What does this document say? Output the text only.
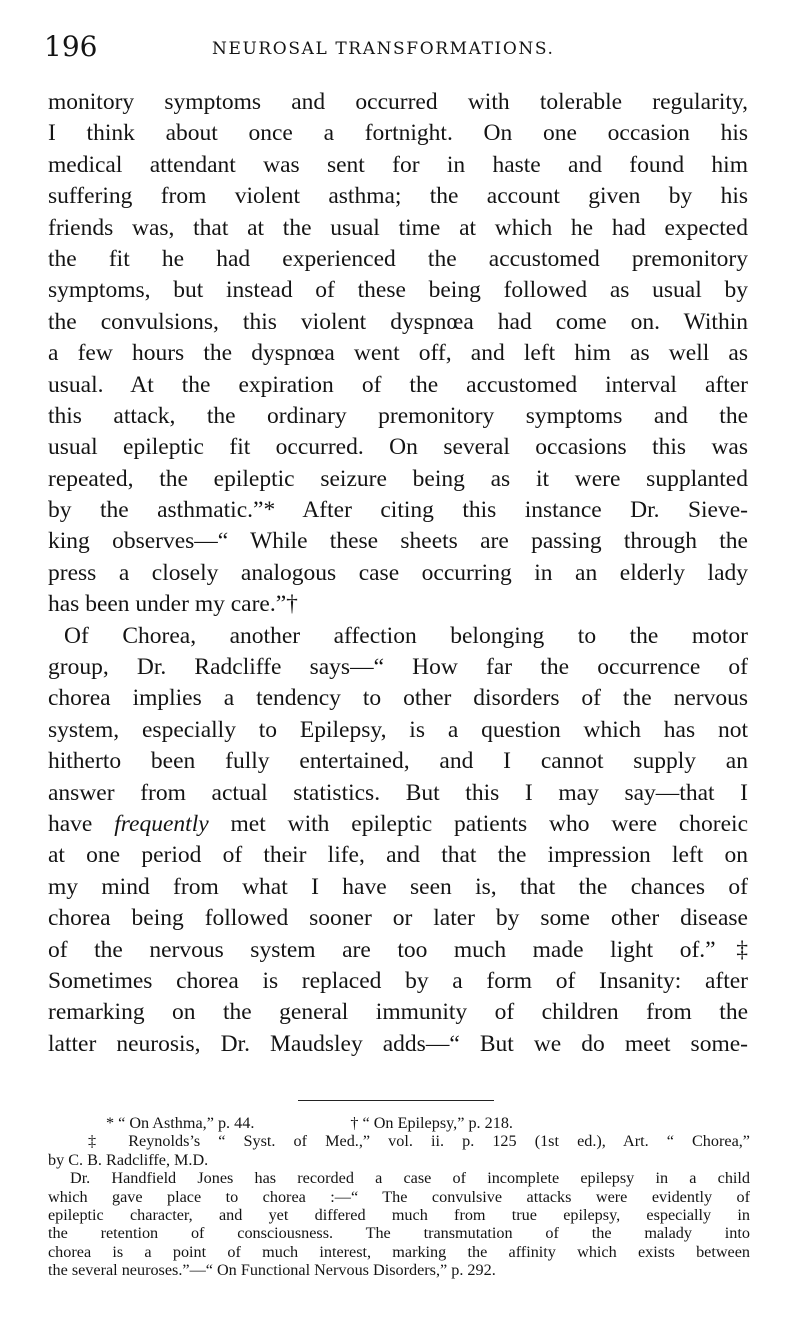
196	NEUROSAL TRANSFORMATIONS.
monitory symptoms and occurred with tolerable regularity,
I think about once a fortnight. On one occasion his
medical attendant was sent for in haste and found him
suffering from violent asthma; the account given by his
friends was, that at the usual time at which he had expected
the fit he had experienced the accustomed premonitory
symptoms, but instead of these being followed as usual by
the convulsions, this violent dyspnœa had come on. Within
a few hours the dyspnœa went off, and left him as well as
usual. At the expiration of the accustomed interval after
this attack, the ordinary premonitory symptoms and the
usual epileptic fit occurred. On several occasions this was
repeated, the epileptic seizure being as it were supplanted
by the asthmatic.”* After citing this instance Dr. Sieve-
king observes—“ While these sheets are passing through the
press a closely analogous case occurring in an elderly lady
has been under my care.”†
Of Chorea, another affection belonging to the motor
group, Dr. Radcliffe says—“ How far the occurrence of
chorea implies a tendency to other disorders of the nervous
system, especially to Epilepsy, is a question which has not
hitherto been fully entertained, and I cannot supply an
answer from actual statistics. But this I may say—that I
have frequently met with epileptic patients who were choreic
at one period of their life, and that the impression left on
my mind from what I have seen is, that the chances of
chorea being followed sooner or later by some other disease
of the nervous system are too much made light of.”‡
Sometimes chorea is replaced by a form of Insanity: after
remarking on the general immunity of children from the
latter neurosis, Dr. Maudsley adds—“ But we do meet some-
* “ On Asthma,” p. 44.	† “ On Epilepsy,” p. 218.
‡ Reynolds’s “ Syst. of Med.,” vol. ii. p. 125 (1st ed.), Art. “ Chorea,”
by C. B. Radcliffe, M.D.
Dr. Handfield Jones has recorded a case of incomplete epilepsy in a child
which gave place to chorea :—“ The convulsive attacks were evidently of
epileptic character, and yet differed much from true epilepsy, especially in
the retention of consciousness. The transmutation of the malady into
chorea is a point of much interest, marking the affinity which exists between
the several neuroses.”—“ On Functional Nervous Disorders,” p. 292.
